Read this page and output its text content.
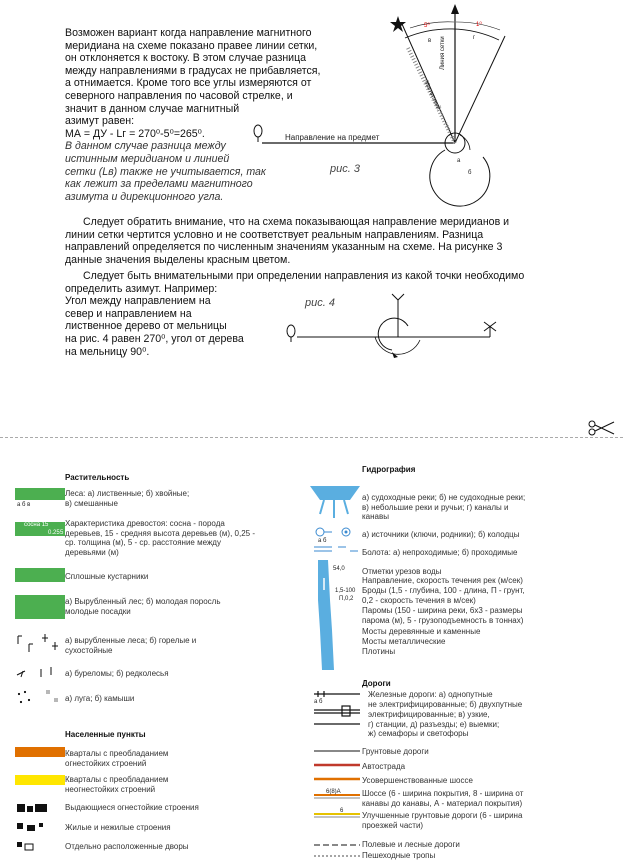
Возможен вариант когда направление магнитного
меридиана на схеме показано правее линии сетки,
он отклоняется к востоку. В этом случае разница
между направлениями в градусах не прибавляется,
а отнимается. Кроме того все углы измеряются от
северного направления по часовой стрелке, и
значит в данном случае магнитный
азимут равен:
МА = ДУ - Lг = 270⁰-5⁰=265⁰.
В данном случае разница между
истинным меридианом и линией
сетки (Lв) также не учитывается, так
как лежит за пределами магнитного
азимута и дирекционного угла.
Направление на предмет
Линия сетки
Магнитный
в	г
а
б
5⁰	1⁰
рис. 3
Следует обратить внимание, что на схема показывающая направление меридианов и
линии сетки чертится условно и не соответствует реальным направлениям. Разница
направлений определяется по численным значениям указанным на схеме. На рисунке 3
данные значения выделены красным цветом.
Следует быть внимательными при определении направления из какой точки необходимо
определить азимут. Например:
Угол между направлением на
север и направлением на
лиственное дерево от мельницы
на рис. 4 равен 270⁰, угол от дерева
на мельницу 90⁰.
рис. 4
Растительность
а б в
Леса: а) лиственные; б) хвойные;
в) смешанные
сосна 15
0.25 5
Характеристика древостоя: сосна - порода
деревьев, 15 - средняя высота деревьев (м), 0,25 -
ср. толщина (м), 5 - ср. расстояние между
деревьями (м)
Сплошные кустарники
а) Вырубленный лес; б) молодая поросль
молодые посадки
а) вырубленные леса; б) горелые и
сухостойные
а) буреломы; б) редколесья
а) луга; б) камыши
Населенные пункты
Кварталы с преобладанием
огнестойких строений
Кварталы с преобладанием
неогнестойких строений
Выдающиеся огнестойкие строения
Жилые и нежилые строения
Отдельно расположенные дворы
Гидрография
а) судоходные реки; б) не судоходные реки;
в) небольшие реки и ручьи; г) каналы и
канавы
а б
а) источники (ключи, родники); б) колодцы
Болота: а) непроходимые; б) проходимые
54,0
1,5-100
П,0,2
Отметки урезов воды
Направление, скорость течения рек (м/сек)
Броды (1,5 - глубина, 100 - длина, П - грунт,
0,2 - скорость течения в м/сек)
Паромы (150 - ширина реки, 6х3 - размеры
парома (м), 5 - грузоподъемность в тоннах)
Мосты деревянные и каменные
Мосты металлические
Плотины
Дороги
а б
Железные дороги: а) однопутные
не электрифицированные; б) двухпутные
электрифицированные; в) узкие,
г) станции, д) разъезды; е) выемки;
ж) семафоры и светофоры
Грунтовые дороги
Автострада
Усовершенствованные шоссе
6(8)А	Шоссе (6 - ширина покрытия, 8 - ширина от
канавы до канавы, А - материал покрытия)
6 Улучшенные грунтовые дороги (6 - ширина
проезжей части)
Полевые и лесные дороги
Пешеходные тропы
